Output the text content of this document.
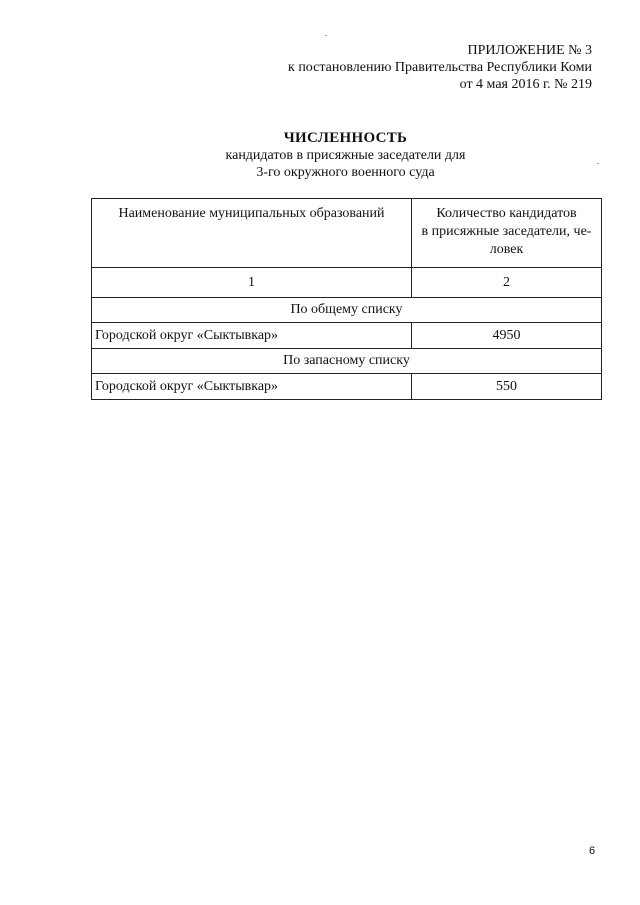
ПРИЛОЖЕНИЕ № 3
к постановлению Правительства Республики Коми
от 4 мая 2016 г. № 219
ЧИСЛЕННОСТЬ
кандидатов в присяжные заседатели для
3-го окружного военного суда
Наименование муниципальных образований	Количество кандидатов
в присяжные заседатели, че-
ловек

1	2
По общему списку	
Городской округ «Сыктывкар»	4950
По запасному списку	
Городской округ «Сыктывкар»	550
6
